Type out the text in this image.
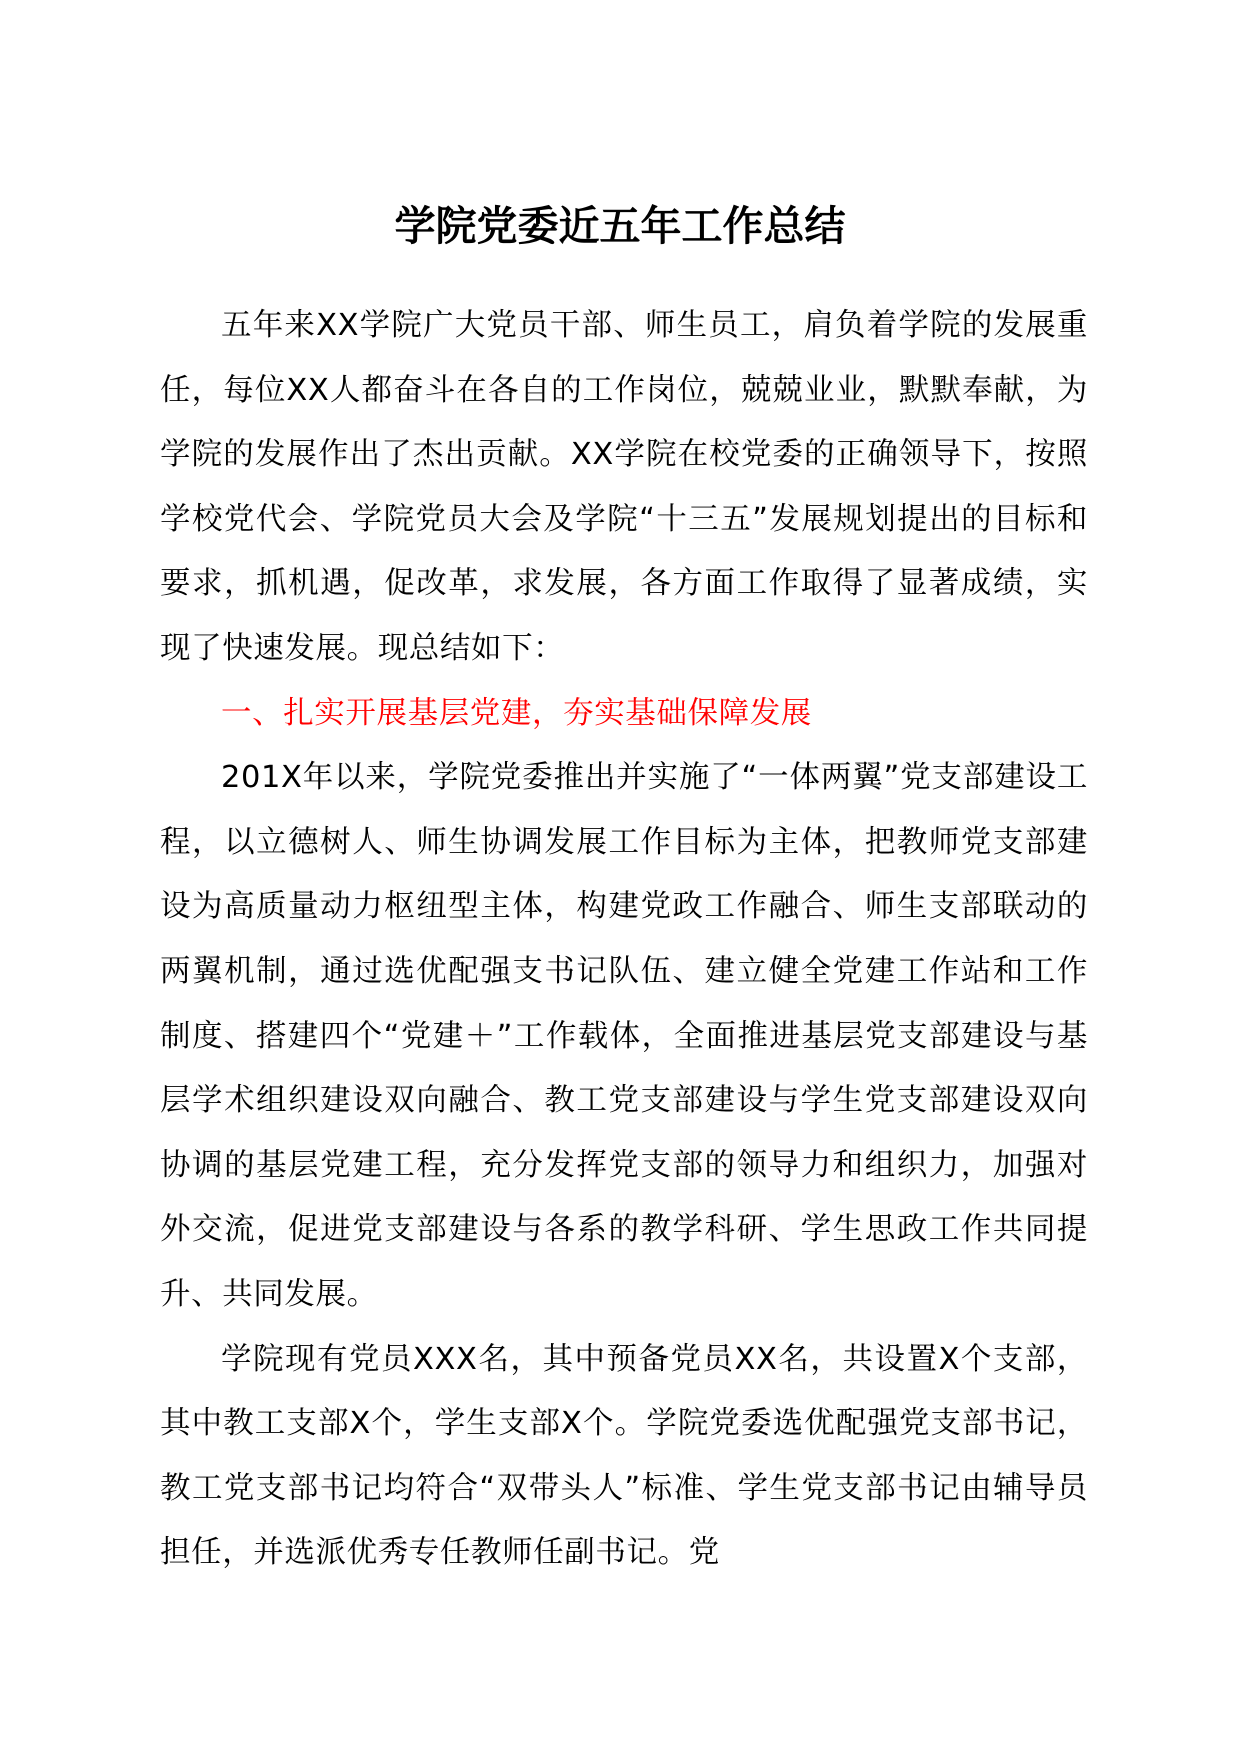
学院党委近五年工作总结

五年来XX学院广大党员干部、师生员工，肩负着学院的发展重任，每位XX人都奋斗在各自的工作岗位，兢兢业业，默默奉献，为学院的发展作出了杰出贡献。XX学院在校党委的正确领导下，按照学校党代会、学院党员大会及学院“十三五”发展规划提出的目标和要求，抓机遇，促改革，求发展，各方面工作取得了显著成绩，实现了快速发展。现总结如下：

一、扎实开展基层党建，夯实基础保障发展

201X年以来，学院党委推出并实施了“一体两翼”党支部建设工程，以立德树人、师生协调发展工作目标为主体，把教师党支部建设为高质量动力枢纽型主体，构建党政工作融合、师生支部联动的两翼机制，通过选优配强支书记队伍、建立健全党建工作站和工作制度、搭建四个“党建＋”工作载体，全面推进基层党支部建设与基层学术组织建设双向融合、教工党支部建设与学生党支部建设双向协调的基层党建工程，充分发挥党支部的领导力和组织力，加强对外交流，促进党支部建设与各系的教学科研、学生思政工作共同提升、共同发展。

学院现有党员XXX名，其中预备党员XX名，共设置X个支部，其中教工支部X个，学生支部X个。学院党委选优配强党支部书记，教工党支部书记均符合“双带头人”标准、学生党支部书记由辅导员担任，并选派优秀专任教师任副书记。党
